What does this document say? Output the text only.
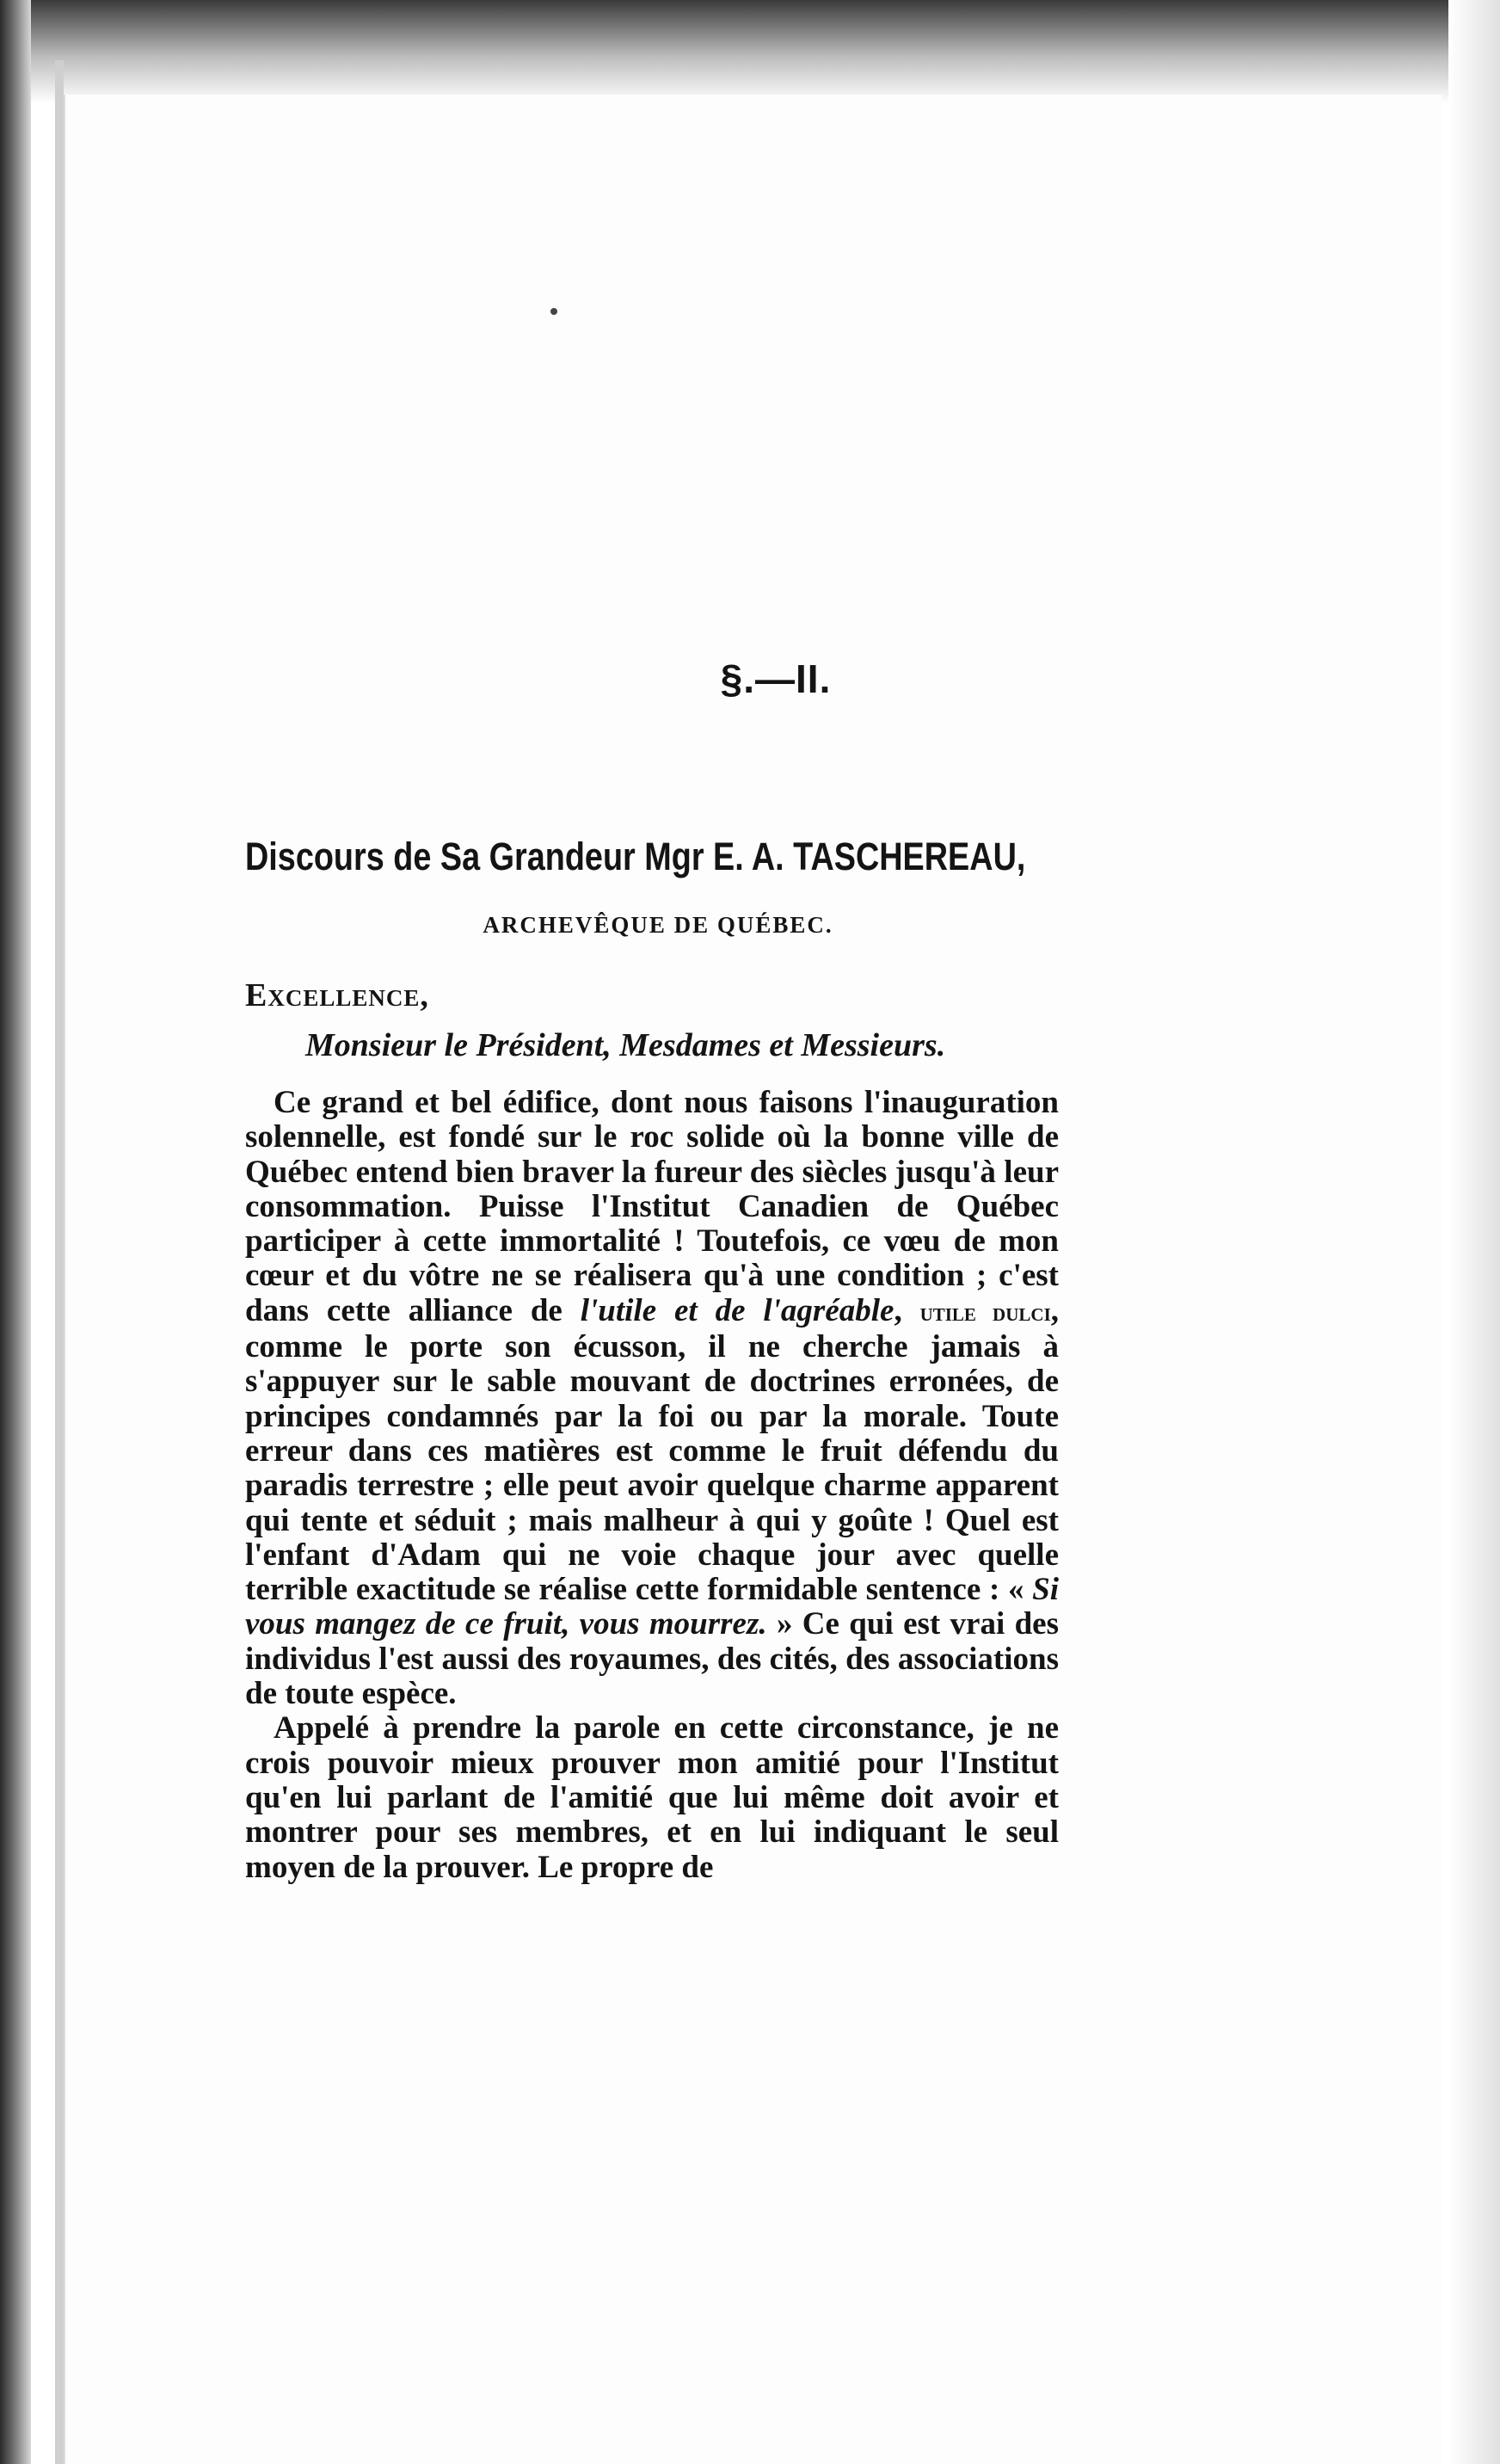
§.—II.
Discours de Sa Grandeur Mgr E. A. TASCHEREAU,
ARCHEVÊQUE DE QUÉBEC.
Excellence,
Monsieur le Président, Mesdames et Messieurs.

Ce grand et bel édifice, dont nous faisons l'inauguration solennelle, est fondé sur le roc solide où la bonne ville de Québec entend bien braver la fureur des siècles jusqu'à leur consommation. Puisse l'Institut Canadien de Québec participer à cette immortalité ! Toutefois, ce vœu de mon cœur et du vôtre ne se réalisera qu'à une condition ; c'est dans cette alliance de l'utile et de l'agréable, utile dulci, comme le porte son écusson, il ne cherche jamais à s'appuyer sur le sable mouvant de doctrines erronées, de principes condamnés par la foi ou par la morale. Toute erreur dans ces matières est comme le fruit défendu du paradis terrestre ; elle peut avoir quelque charme apparent qui tente et séduit ; mais malheur à qui y goûte ! Quel est l'enfant d'Adam qui ne voie chaque jour avec quelle terrible exactitude se réalise cette formidable sentence : « Si vous mangez de ce fruit, vous mourrez. » Ce qui est vrai des individus l'est aussi des royaumes, des cités, des associations de toute espèce.

Appelé à prendre la parole en cette circonstance, je ne crois pouvoir mieux prouver mon amitié pour l'Institut qu'en lui parlant de l'amitié que lui même doit avoir et montrer pour ses membres, et en lui indiquant le seul moyen de la prouver. Le propre de
